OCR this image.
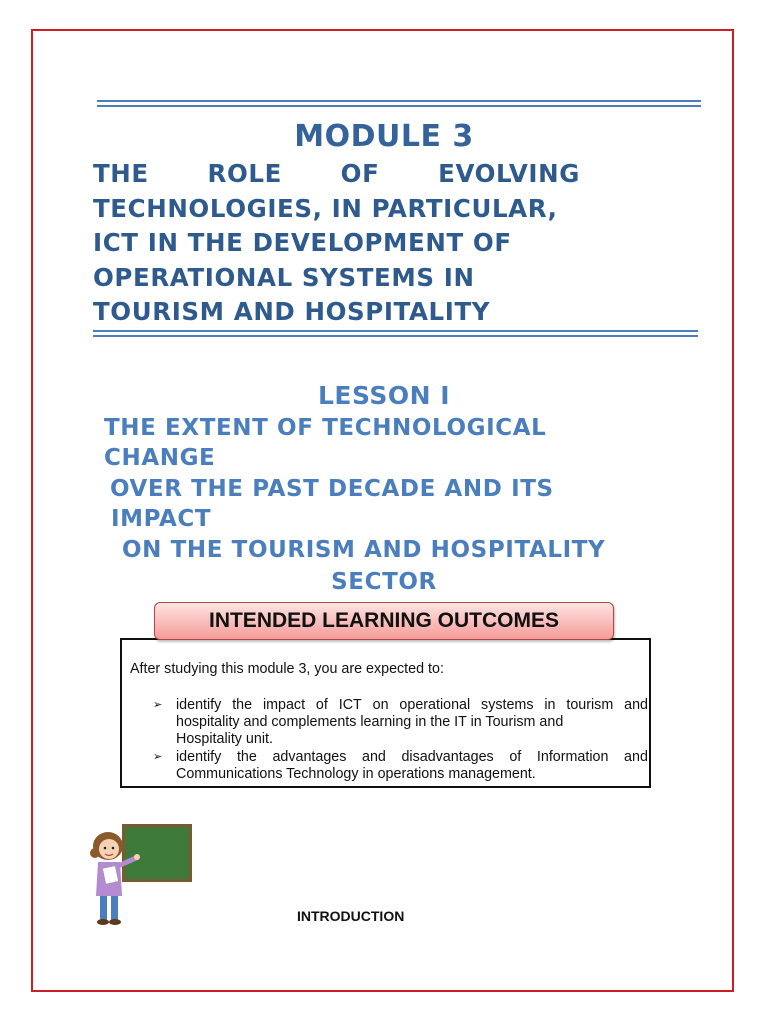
MODULE 3
THE ROLE OF EVOLVING
TECHNOLOGIES, IN PARTICULAR,
ICT IN THE DEVELOPMENT OF
OPERATIONAL SYSTEMS IN
TOURISM AND HOSPITALITY
LESSON I
THE EXTENT OF TECHNOLOGICAL
CHANGE
OVER THE PAST DECADE AND ITS
IMPACT
ON THE TOURISM AND HOSPITALITY
SECTOR
After studying this module 3, you are expected to:
➢ identify the impact of ICT on operational systems in tourism and
hospitality and complements learning in the IT in Tourism and
Hospitality unit.
➢ identify the advantages and disadvantages of Information and
Communications Technology in operations management.
INTENDED LEARNING OUTCOMES
INTRODUCTION
